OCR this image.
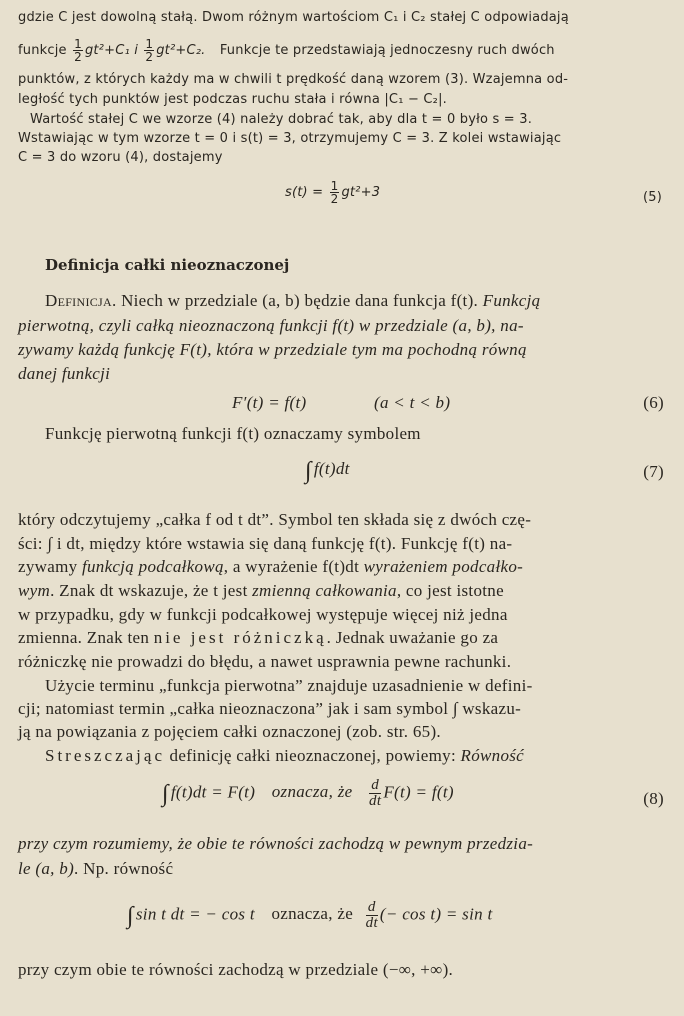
gdzie C jest dowolną stałą. Dwom różnym wartościom C₁ i C₂ stałej C odpowiadają
funkcje $\frac{1}{2} gt^2+C_1$ i $\frac{1}{2} gt^2+C_2$. Funkcje te przedstawiają jednoczesny ruch dwóch
punktów, z których każdy ma w chwili t prędkość daną wzorem (3). Wzajemna od-
ległość tych punktów jest podczas ruchu stała i równa |C₁ − C₂|.
Wartość stałej C we wzorze (4) należy dobrać tak, aby dla t = 0 było s = 3.
Wstawiając w tym wzorze t = 0 i s(t) = 3, otrzymujemy C = 3. Z kolei wstawiając
C = 3 do wzoru (4), dostajemy
$s(t) = \frac{1}{2} gt^2+3$	(5)
Definicja całki nieoznaczonej
Definicja. Niech w przedziale (a, b) będzie dana funkcja f(t). Funkcją
pierwotną, czyli całką nieoznaczoną funkcji f(t) w przedziale (a, b), na-
zywamy każdą funkcję F(t), która w przedziale tym ma pochodną równą
danej funkcji
F′(t) = f(t)	(a < t < b)	(6)
Funkcję pierwotną funkcji f(t) oznaczamy symbolem
∫ f(t)dt	(7)
który odczytujemy „całka f od t dt”. Symbol ten składa się z dwóch czę-
ści: ∫ i dt, między które wstawia się daną funkcję f(t). Funkcję f(t) na-
zywamy funkcją podcałkową, a wyrażenie f(t)dt wyrażeniem podcałko-
wym. Znak dt wskazuje, że t jest zmienną całkowania, co jest istotne
w przypadku, gdy w funkcji podcałkowej występuje więcej niż jedna
zmienna. Znak ten nie jest różniczką. Jednak uważanie go za
różniczkę nie prowadzi do błędu, a nawet usprawnia pewne rachunki.
Użycie terminu „funkcja pierwotna” znajduje uzasadnienie w defini-
cji; natomiast termin „całka nieoznaczona” jak i sam symbol ∫ wskazu-
ją na powiązania z pojęciem całki oznaczonej (zob. str. 65).
Streszczając definicję całki nieoznaczonej, powiemy: Równość
∫ f(t)dt = F(t) oznacza, że $\frac{d}{dt} F(t) = f(t)$	(8)
przy czym rozumiemy, że obie te równości zachodzą w pewnym przedzia-
le (a, b). Np. równość
∫ sin t dt = − cos t oznacza, że $\frac{d}{dt}$ (− cos t) = sin t
przy czym obie te równości zachodzą w przedziale (−∞, +∞).
